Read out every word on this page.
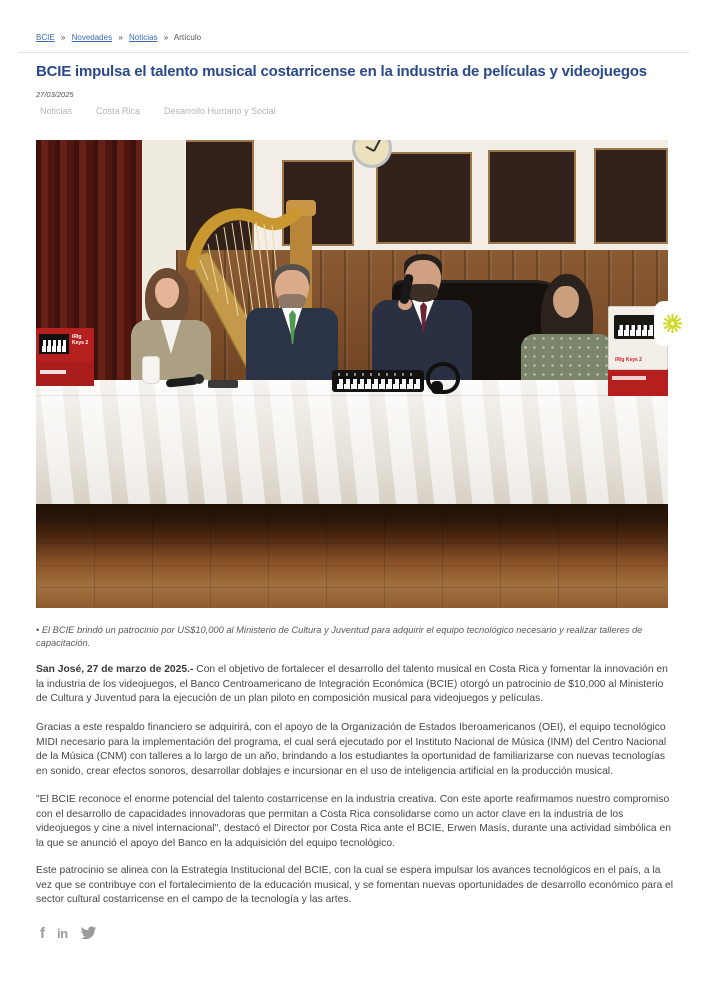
BCIE » Novedades » Noticias » Artículo
BCIE impulsa el talento musical costarricense en la industria de películas y videojuegos
27/03/2025
Noticias	Costa Rica	Desarrollo Humano y Social
iRig Keys 2
iRig Keys 2
• El BCIE brindó un patrocinio por US$10,000 al Ministerio de Cultura y Juventud para adquirir el equipo tecnológico necesario y realizar talleres de capacitación.

San José, 27 de marzo de 2025.- Con el objetivo de fortalecer el desarrollo del talento musical en Costa Rica y fomentar la innovación en la industria de los videojuegos, el Banco Centroamericano de Integración Económica (BCIE) otorgó un patrocinio de $10,000 al Ministerio de Cultura y Juventud para la ejecución de un plan piloto en composición musical para videojuegos y películas.

Gracias a este respaldo financiero se adquirirá, con el apoyo de la Organización de Estados Iberoamericanos (OEI), el equipo tecnológico MIDI necesario para la implementación del programa, el cual será ejecutado por el Instituto Nacional de Música (INM) del Centro Nacional de la Música (CNM) con talleres a lo largo de un año, brindando a los estudiantes la oportunidad de familiarizarse con nuevas tecnologías en sonido, crear efectos sonoros, desarrollar doblajes e incursionar en el uso de inteligencia artificial en la producción musical.

"El BCIE reconoce el enorme potencial del talento costarricense en la industria creativa. Con este aporte reafirmamos nuestro compromiso con el desarrollo de capacidades innovadoras que permitan a Costa Rica consolidarse como un actor clave en la industria de los videojuegos y cine a nivel internacional", destacó el Director por Costa Rica ante el BCIE, Erwen Masís, durante una actividad simbólica en la que se anunció el apoyo del Banco en la adquisición del equipo tecnológico.

Este patrocinio se alinea con la Estrategia Institucional del BCIE, con la cual se espera impulsar los avances tecnológicos en el país, a la vez que se contribuye con el fortalecimiento de la educación musical, y se fomentan nuevas oportunidades de desarrollo económico para el sector cultural costarricense en el campo de la tecnología y las artes.

f in
